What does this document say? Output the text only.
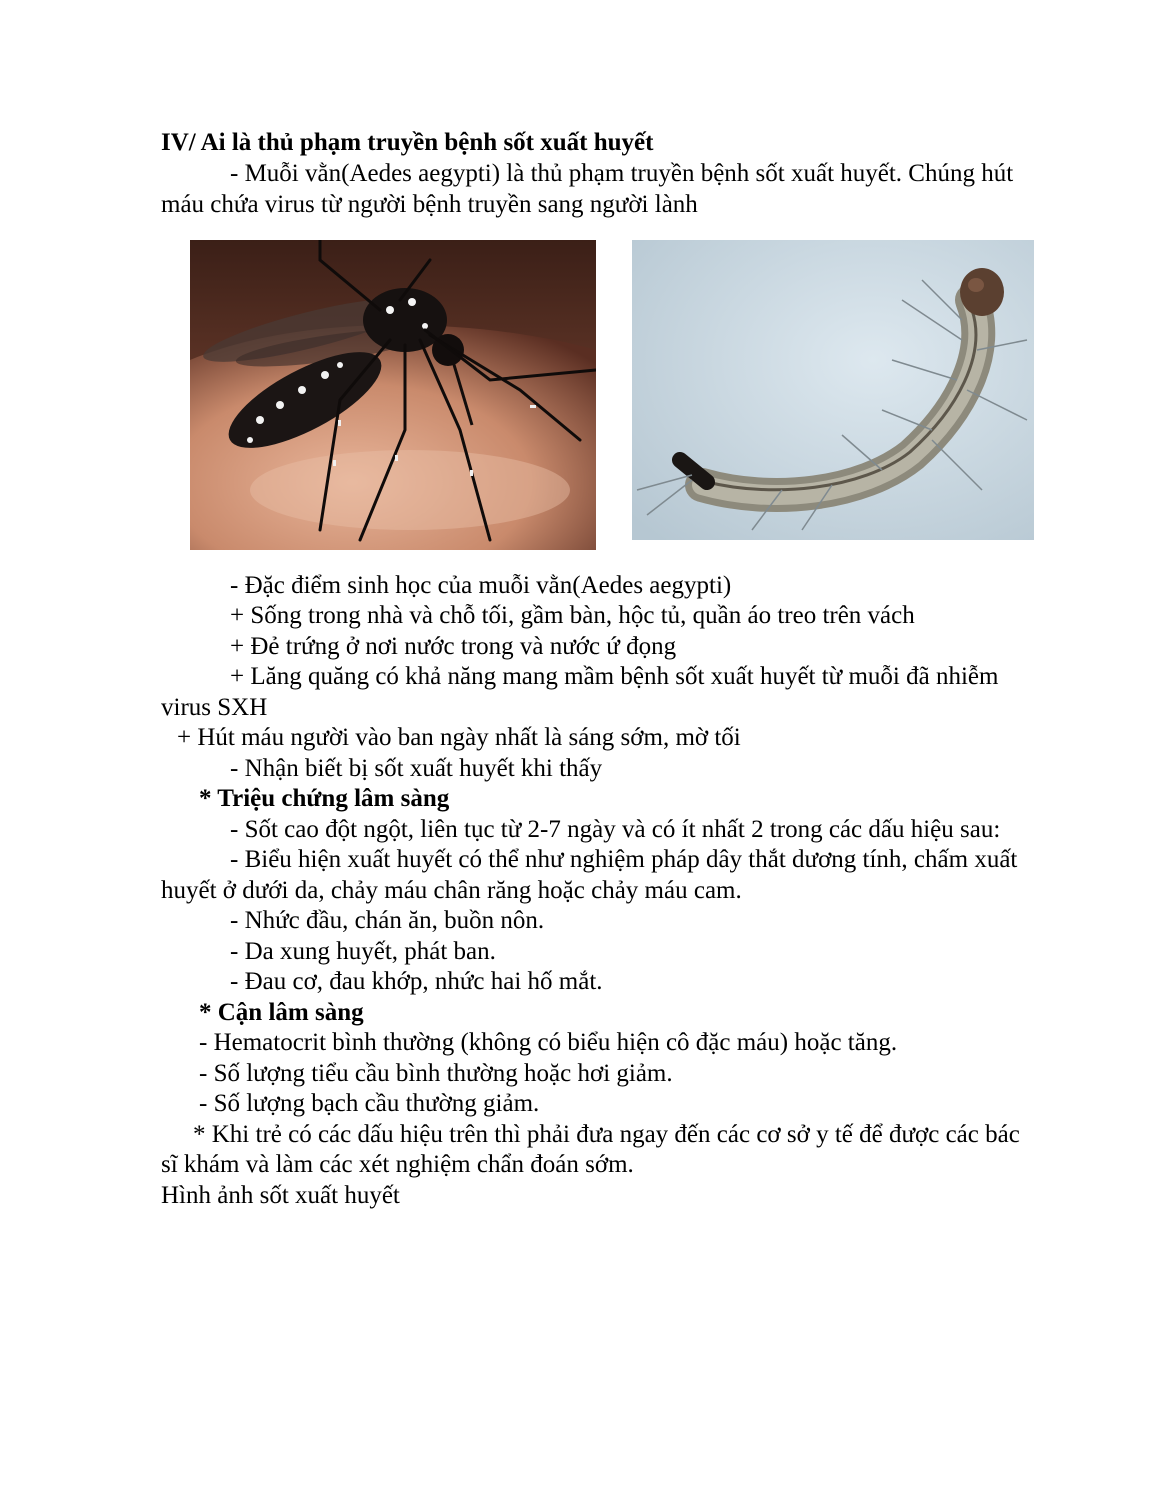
IV/ Ai là thủ phạm truyền bệnh sốt xuất huyết

- Muỗi vằn(Aedes aegypti) là thủ phạm truyền bệnh sốt xuất huyết. Chúng hút

máu chứa virus từ người bệnh truyền sang người lành

- Đặc điểm sinh học của muỗi vằn(Aedes aegypti)

+ Sống trong nhà và chỗ tối, gầm bàn, hộc tủ, quần áo treo trên vách

+ Đẻ trứng ở nơi nước trong và nước ứ đọng

+ Lăng quăng có khả năng mang mầm bệnh sốt xuất huyết từ muỗi đã nhiễm

virus SXH

+ Hút máu người vào ban ngày nhất là sáng sớm, mờ tối

- Nhận biết bị sốt xuất huyết khi thấy

* Triệu chứng lâm sàng

- Sốt cao đột ngột, liên tục từ 2-7 ngày và có ít nhất 2 trong các dấu hiệu sau:

- Biểu hiện xuất huyết có thể như nghiệm pháp dây thắt dương tính, chấm xuất

huyết ở dưới da, chảy máu chân răng hoặc chảy máu cam.

- Nhức đầu, chán ăn, buồn nôn.

- Da xung huyết, phát ban.

- Đau cơ, đau khớp, nhức hai hố mắt.

* Cận lâm sàng

- Hematocrit bình thường (không có biểu hiện cô đặc máu) hoặc tăng.

- Số lượng tiểu cầu bình thường hoặc hơi giảm.

- Số lượng bạch cầu thường giảm.

* Khi trẻ có các dấu hiệu trên thì phải đưa ngay đến các cơ sở y tế để được các bác

sĩ khám và làm các xét nghiệm chẩn đoán sớm.

Hình ảnh sốt xuất huyết
